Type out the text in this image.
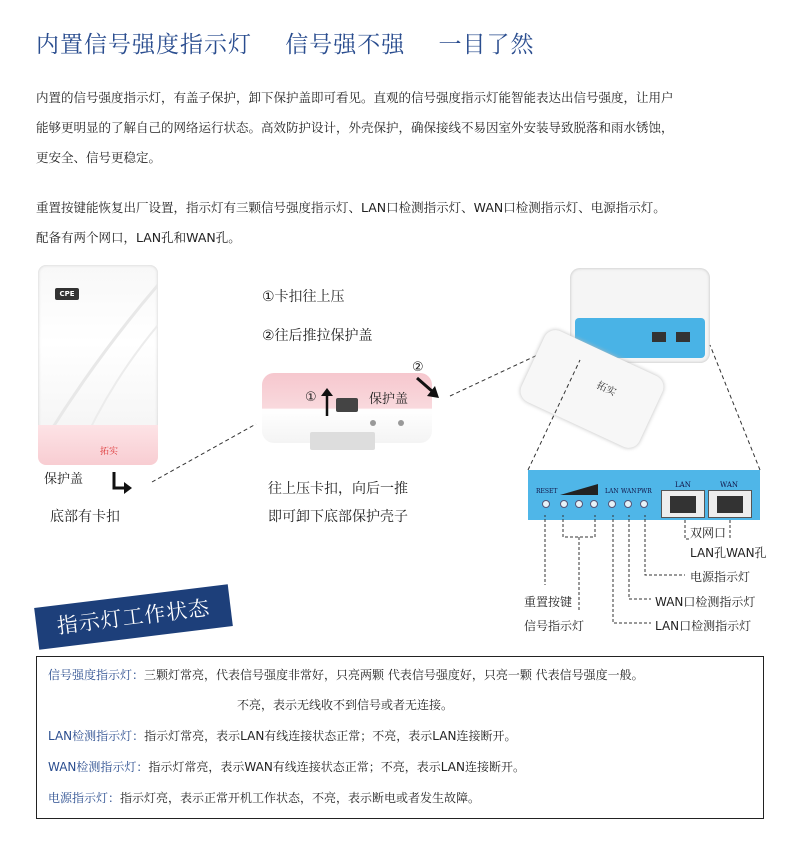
内置信号强度指示灯    信号强不强    一目了然
内置的信号强度指示灯，有盖子保护，卸下保护盖即可看见。直观的信号强度指示灯能智能表达出信号强度，让用户
能够更明显的了解自己的网络运行状态。高效防护设计，外壳保护，确保接线不易因室外安装导致脱落和雨水锈蚀，
更安全、信号更稳定。
重置按键能恢复出厂设置，指示灯有三颗信号强度指示灯、LAN口检测指示灯、WAN口检测指示灯、电源指示灯。
配备有两个网口，LAN孔和WAN孔。
CPE
拓实
保护盖
底部有卡扣
①卡扣往上压
②往后推拉保护盖
①	保护盖
②
往上压卡扣，向后一推
即可卸下底部保护壳子
拓实
RESET	LAN WAN PWR
LAN	WAN
双网口
LAN孔WAN孔
电源指示灯
重置按键	WAN口检测指示灯
信号指示灯	LAN口检测指示灯
指示灯工作状态
信号强度指示灯：三颗灯常亮，代表信号强度非常好，只亮两颗 代表信号强度好，只亮一颗 代表信号强度一般。
不亮，表示无线收不到信号或者无连接。
LAN检测指示灯：指示灯常亮，表示LAN有线连接状态正常；不亮，表示LAN连接断开。
WAN检测指示灯：指示灯常亮，表示WAN有线连接状态正常；不亮，表示LAN连接断开。
电源指示灯：指示灯亮，表示正常开机工作状态，不亮，表示断电或者发生故障。
